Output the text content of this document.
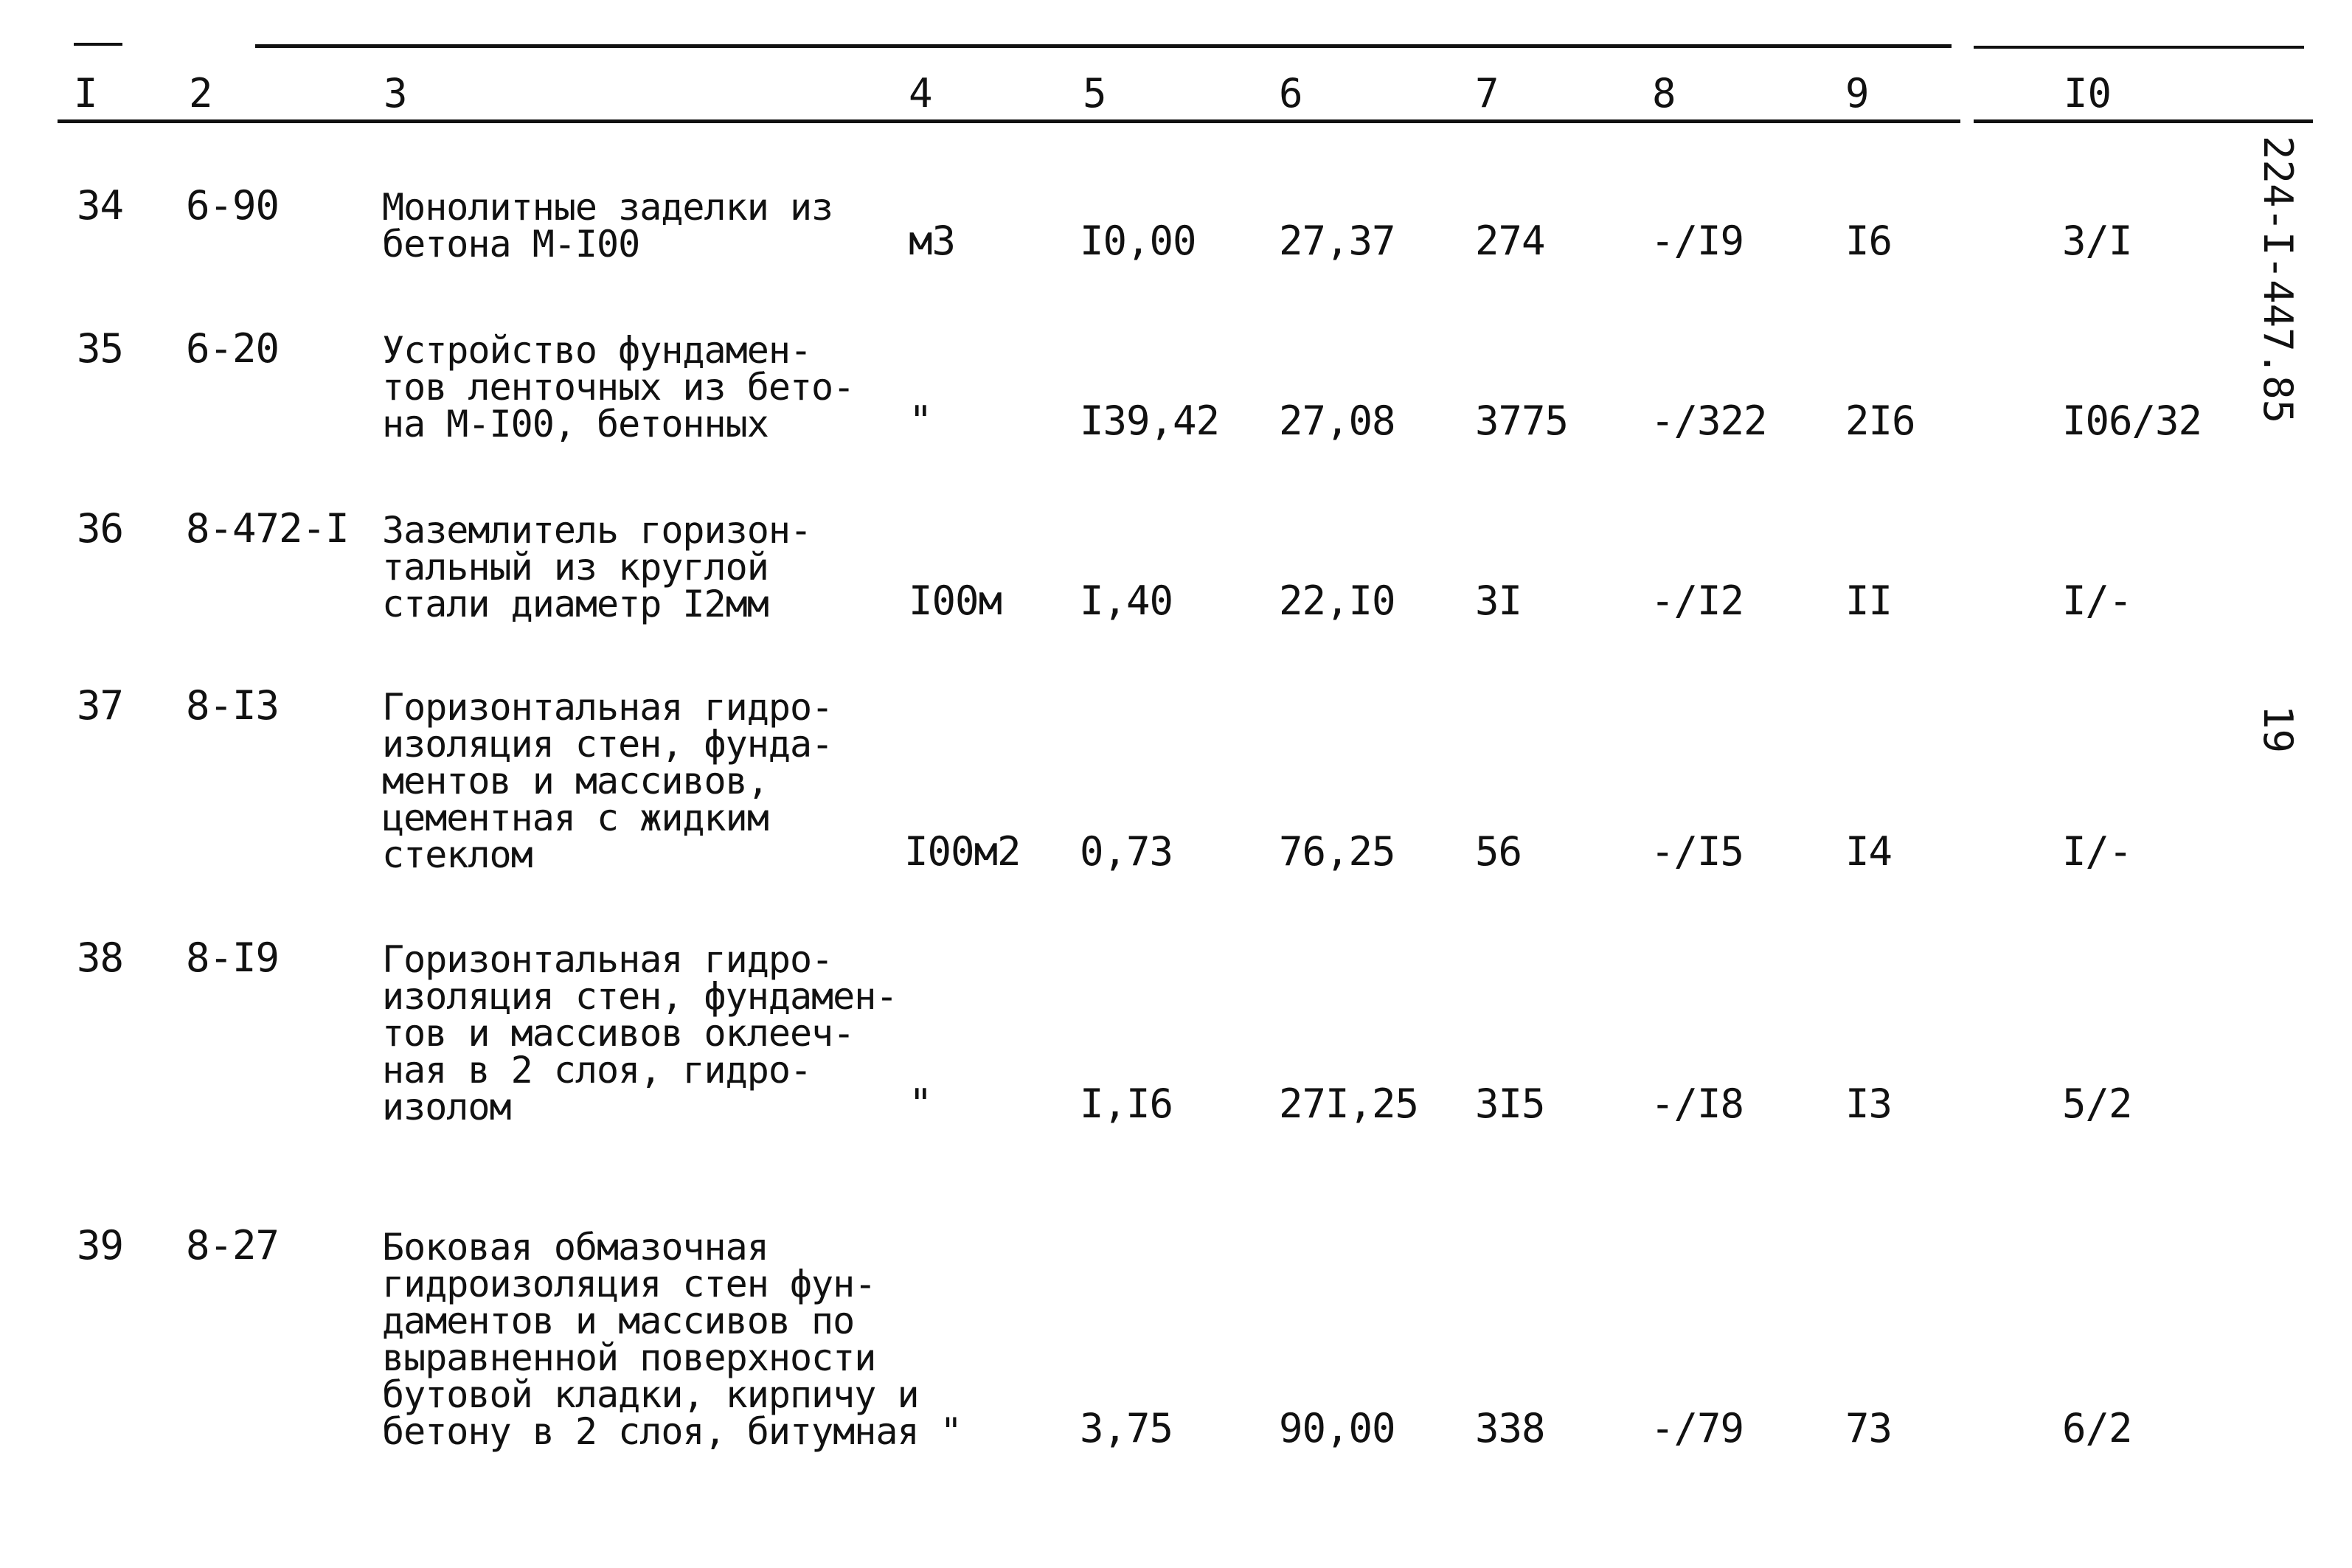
I 2	3	4	5	6	7	8	9	I0
34 6-90	Монолитные заделки из
бетона М-I00	м3	I0,00 27,37 274	-/I9	I6	3/I
35 6-20	Устройство фундамен-
тов ленточных из бето-
на М-I00, бетонных	"	I39,42 27,08 3775 -/322 2I6	I06/32
36 8-472-I Заземлитель горизон-
тальный из круглой
стали диаметр I2мм	I00м I,40	22,I0 3I	-/I2	II	I/-
37 8-I3	Горизонтальная гидро-
изоляция стен, фунда-
ментов и массивов,
цементная с жидким
стеклом	I00м2 0,73	76,25 56	-/I5	I4	I/-
38 8-I9	Горизонтальная гидро-
изоляция стен, фундамен-
тов и массивов оклееч-
ная в 2 слоя, гидро-
изолом	"	I,I6	27I,25 3I5	-/I8	I3	5/2
39 8-27	Боковая обмазочная
гидроизоляция стен фун-
даментов и массивов по
выравненной поверхности
бутовой кладки, кирпичу и
бетону в 2 слоя, битумная "	3,75	90,00 338	-/79	73	6/2
224-I-447.85
19
